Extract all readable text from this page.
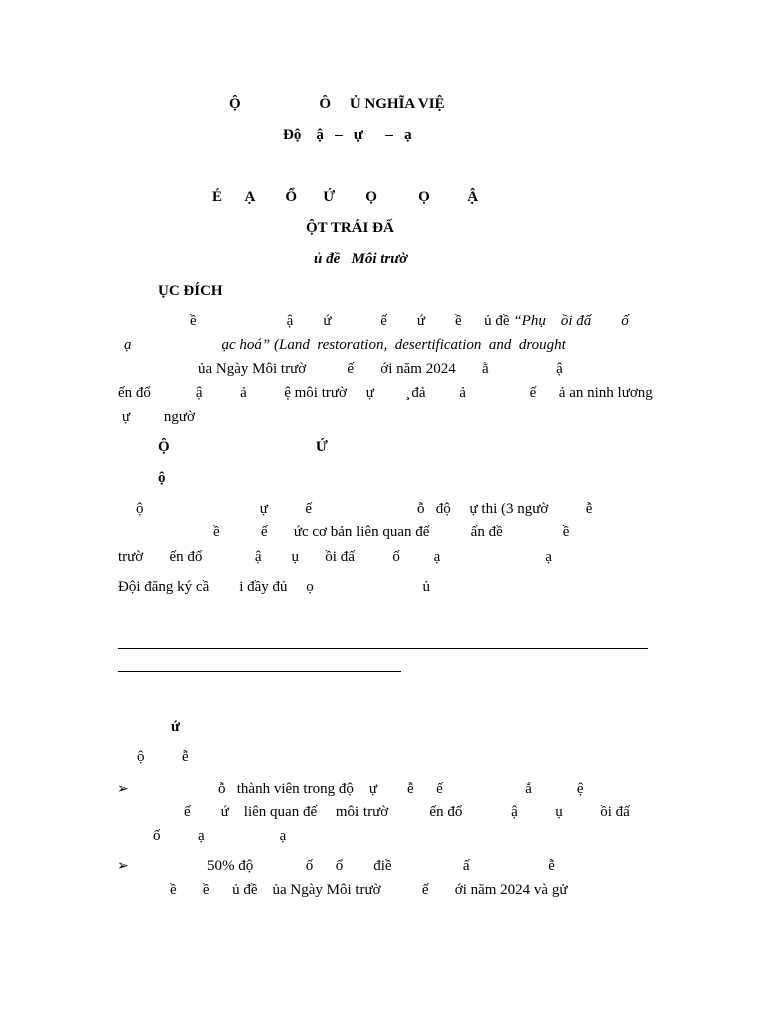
Ộ                     Ô     Ủ NGHĨA VIỆ
Độ    ậ   –   ự      –   ạ
É      Ạ        Ổ       Ứ        Ọ           Ọ          Ậ
ỘT TRÁI ĐẤ
ủ đề   Môi trườ
ỤC ĐÍCH
ề                        ậ        ứ             ế        ứ        ề      ủ đề “Phụ    ồi đấ        ố
ạ                        ạc hoá” (Land  restoration,  desertification  and  drought
ủa Ngày Môi trườ           ế       ới năm 2024       ằ                  ậ
ến đổ            ậ          ả          ệ môi trườ     ự         ̧ đả         ả                 ế      ả an ninh lương
ự         ngườ
Ộ                                       Ứ
ộ
ộ                               ự          ế                            ỗ   độ     ự thi (3 ngườ          ễ
ề           ế       ức cơ bản liên quan đế           ấn đề                ề
trườ       ến đổ              ậ        ụ       ồi đấ          ố         ạ                            ạ
Đội đăng ký cầ        i đầy đủ     ọ                             ủ
ứ
ộ          ễ
➢	ỗ   thành viên trong độ    ự        ễ      ế                      ắ            ệ
ế        ứ    liên quan đế     môi trườ           ến đổ             ậ          ụ          ồi đấ
ố          ạ                    ạ
➢	50% độ              ố      ổ        điề                   ấ                     ễ
ề       ề      ủ đề    ủa Ngày Môi trườ           ế       ới năm 2024 và gử
